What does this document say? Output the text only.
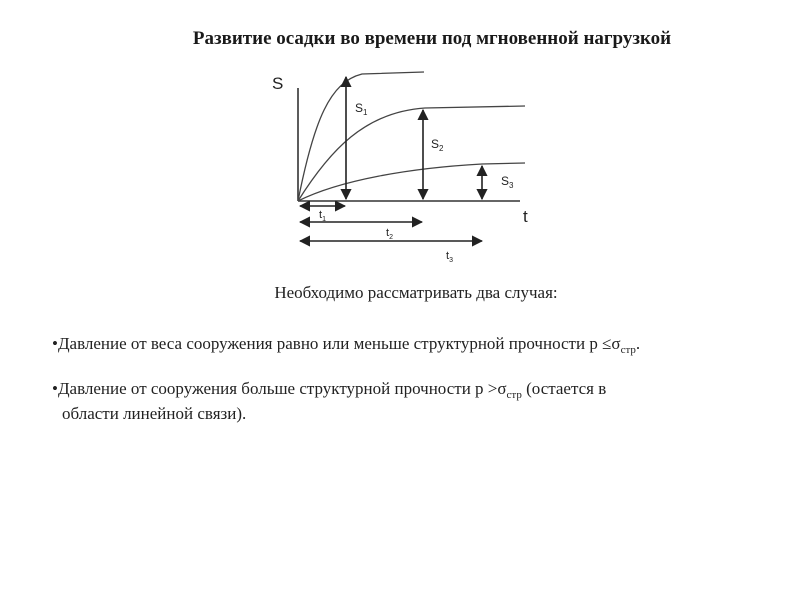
Развитие осадки во времени под мгновенной нагрузкой
S
t
$S_1$
$S_2$
$S_3$
$t_1$
$t_2$
$t_3$
Необходимо рассматривать два случая:
•Давление от веса сооружения равно или меньше структурной прочности $р \le\sigma_{стр}$.
•Давление от сооружения больше структурной прочности $р >\sigma_{стр}$ (остается в
области линейной связи).
